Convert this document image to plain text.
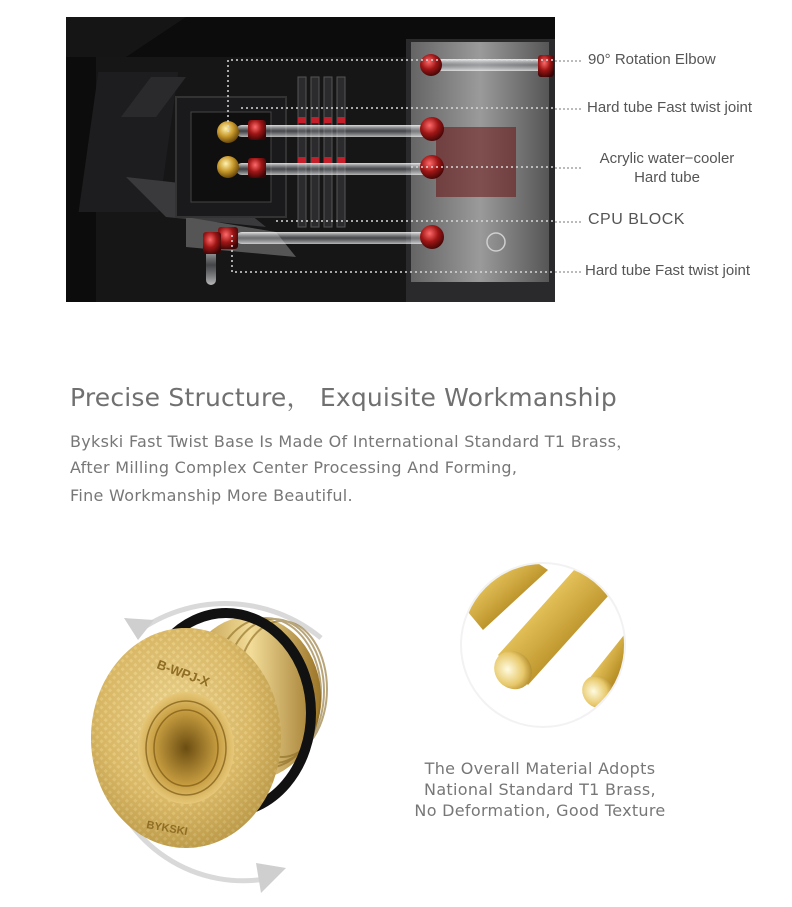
90° Rotation Elbow
Hard tube Fast twist joint
Acrylic water−cooler
Hard tube
CPU BLOCK
Hard tube Fast twist joint
Precise Structure， Exquisite Workmanship
Bykski Fast Twist Base Is Made Of International Standard T1 Brass，
After Milling Complex Center Processing And Forming,
Fine Workmanship More Beautiful.
B-WPJ-X
BYKSKI
The Overall Material Adopts
National Standard T1 Brass,
No Deformation, Good Texture
